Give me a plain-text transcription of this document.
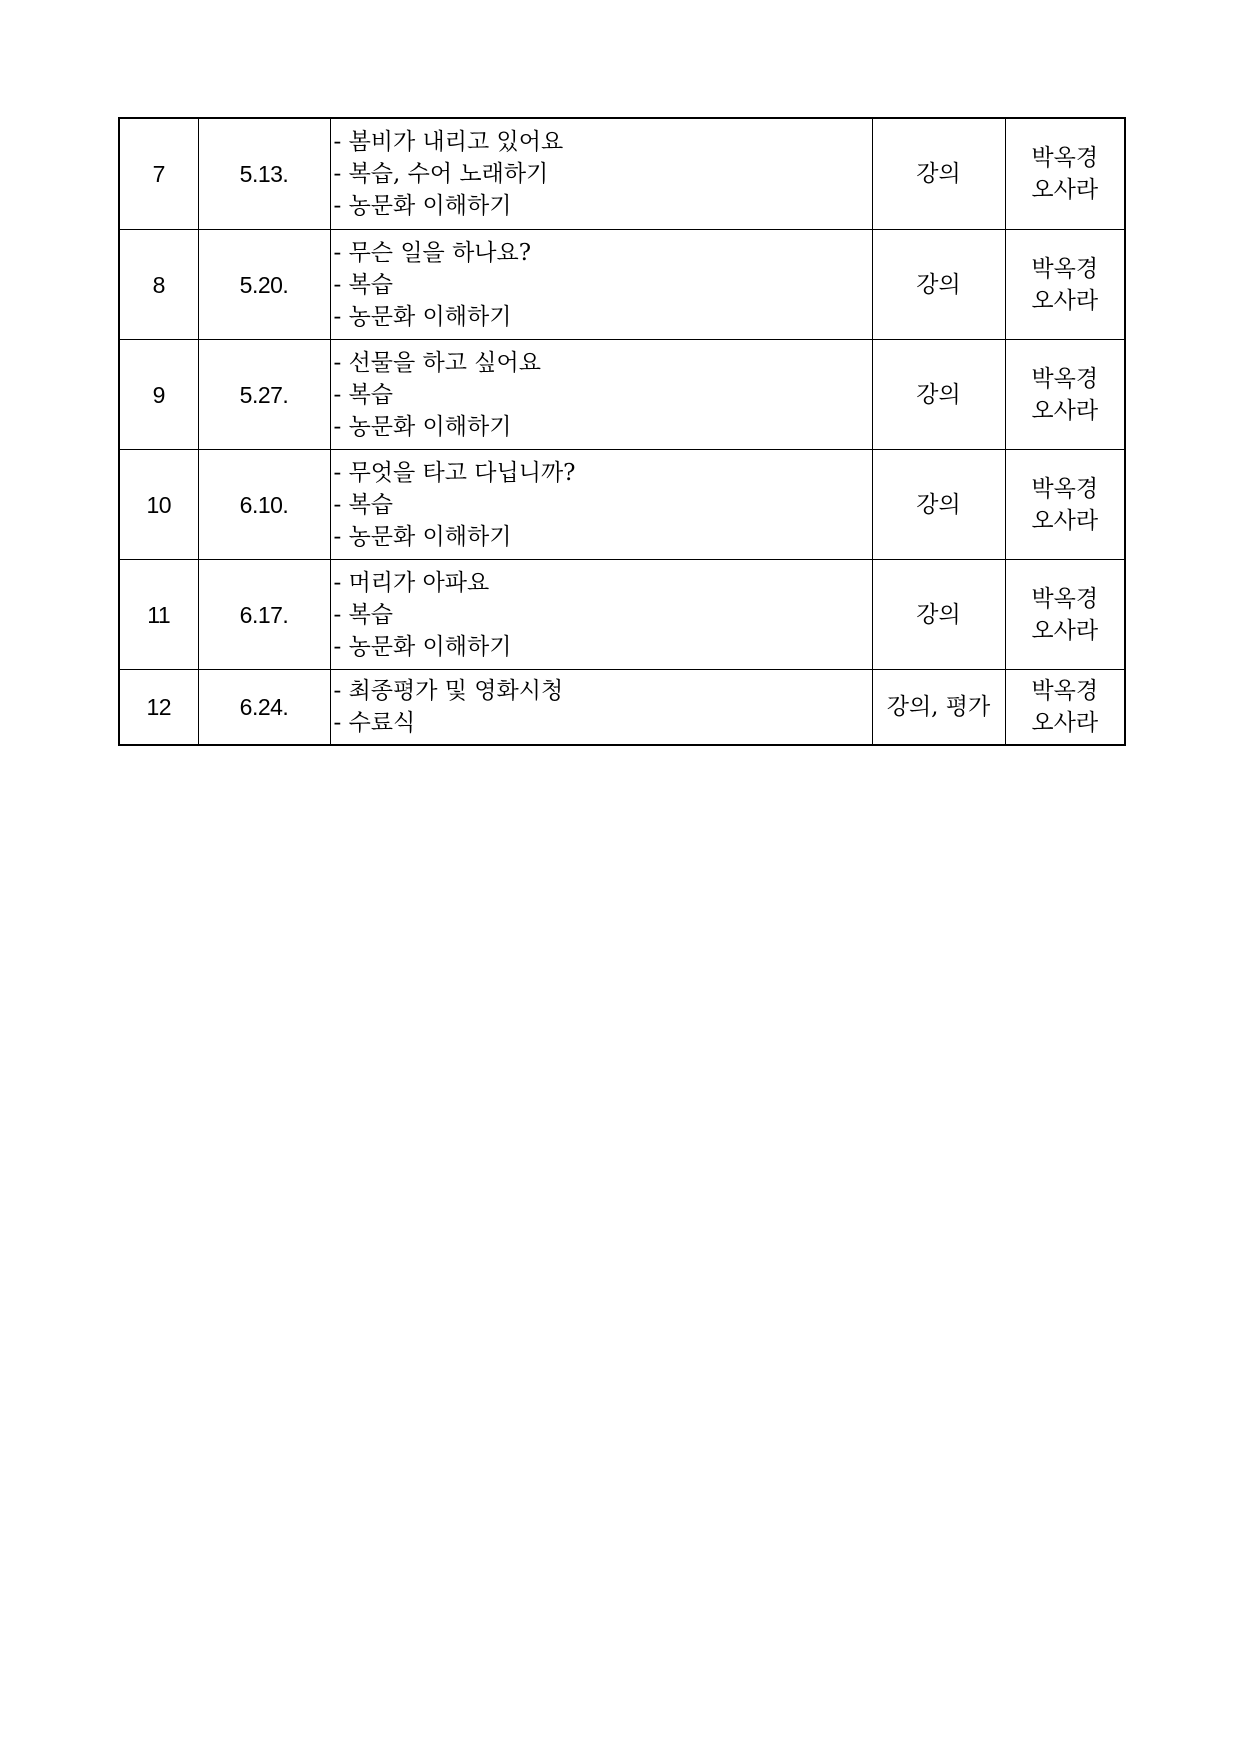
7	5.13.	- 봄비가 내리고 있어요
- 복습, 수어 노래하기
- 농문화 이해하기	강의	박옥경
오사라

8	5.20.	- 무슨 일을 하나요?
- 복습
- 농문화 이해하기	강의	박옥경
오사라

9	5.27.	- 선물을 하고 싶어요
- 복습
- 농문화 이해하기	강의	박옥경
오사라

10	6.10.	- 무엇을 타고 다닙니까?
- 복습
- 농문화 이해하기	강의	박옥경
오사라

11	6.17.	- 머리가 아파요
- 복습
- 농문화 이해하기	강의	박옥경
오사라

12	6.24.	- 최종평가 및 영화시청
- 수료식	강의, 평가	박옥경
오사라
